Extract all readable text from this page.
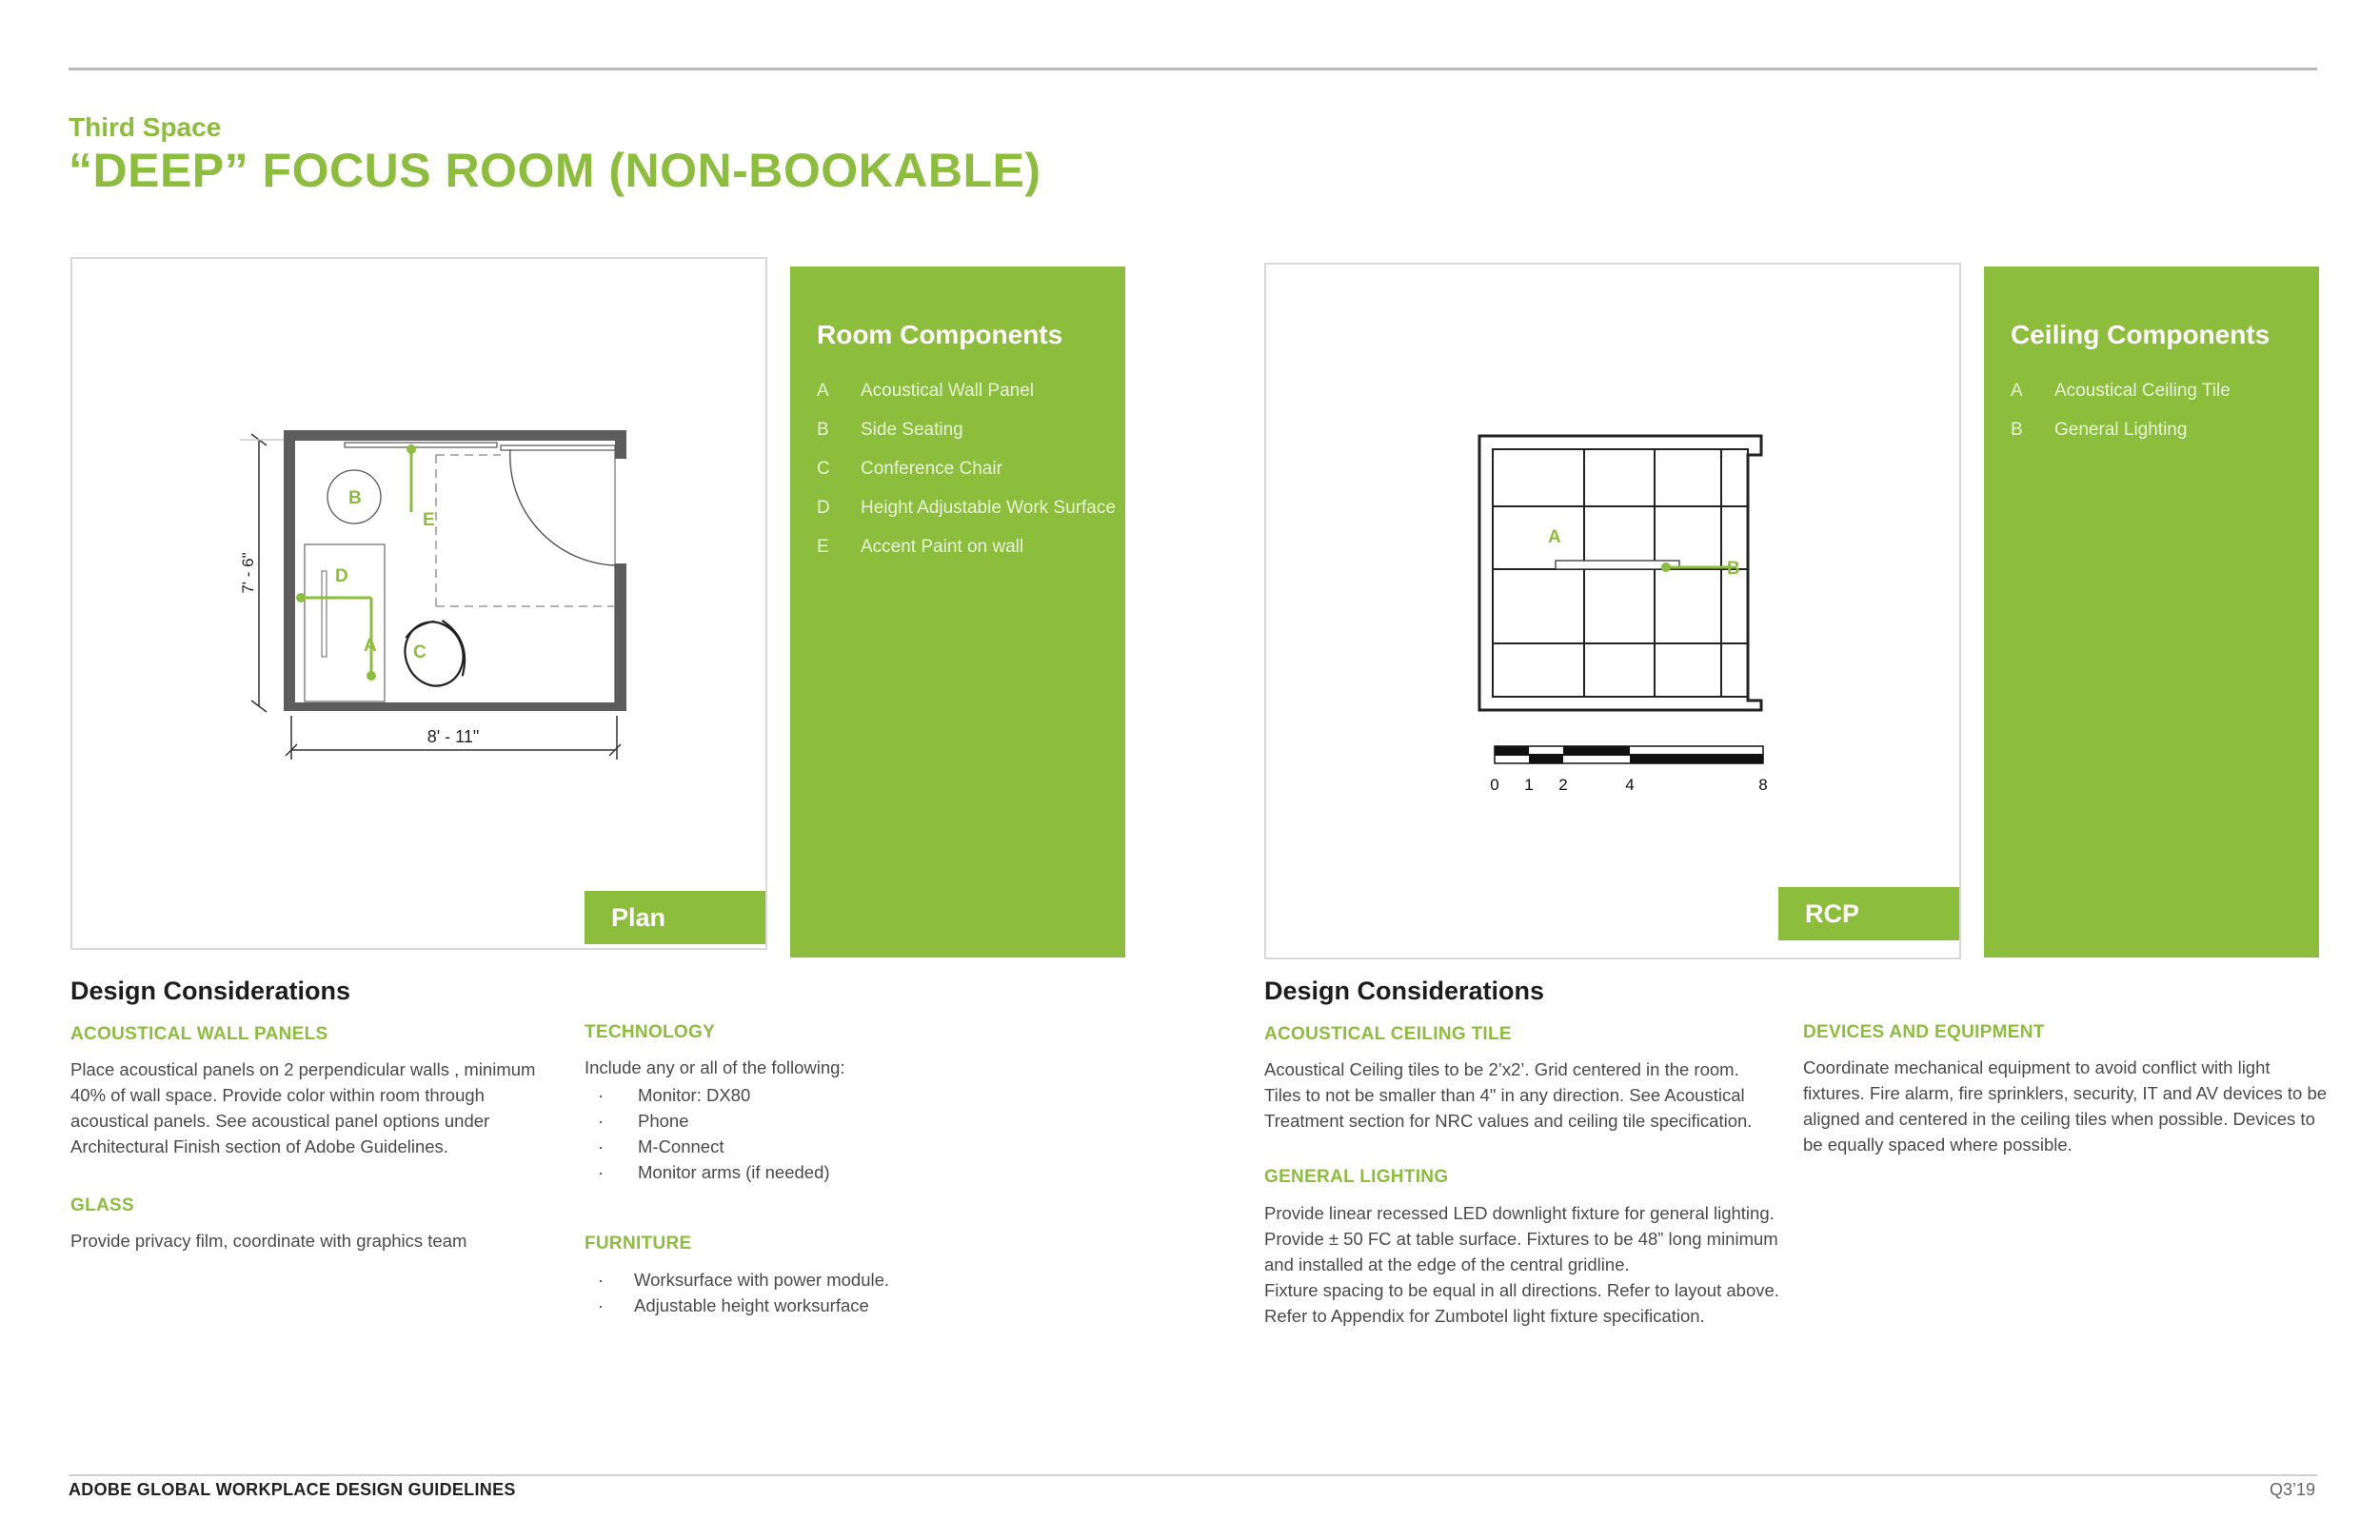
Third Space
“DEEP” FOCUS ROOM (NON-BOOKABLE)
7' - 6"
8' - 11"
B
E
D
A C
Plan
Room Components
A	Acoustical Wall Panel
B	Side Seating
C	Conference Chair
D	Height Adjustable Work Surface
E	Accent Paint on wall	A
B
0 1 2	4	8
RCP
Ceiling Components
A	Acoustical Ceiling Tile
B	General Lighting
Design Considerations
ACOUSTICAL WALL PANELS
Place acoustical panels on 2 perpendicular walls , minimum
40% of wall space. Provide color within room through
acoustical panels. See acoustical panel options under
Architectural Finish section of Adobe Guidelines.
GLASS
Provide privacy film, coordinate with graphics team
TECHNOLOGY
Include any or all of the following:
·	Monitor: DX80
·	Phone
·	M-Connect
·	Monitor arms (if needed)
FURNITURE
·	Worksurface with power module.
·	Adjustable height worksurface
Design Considerations
ACOUSTICAL CEILING TILE
Acoustical Ceiling tiles to be 2’x2’. Grid centered in the room.
Tiles to not be smaller than 4" in any direction. See Acoustical
Treatment section for NRC values and ceiling tile specification.
GENERAL LIGHTING
Provide linear recessed LED downlight fixture for general lighting.
Provide ± 50 FC at table surface. Fixtures to be 48” long minimum
and installed at the edge of the central gridline.
Fixture spacing to be equal in all directions. Refer to layout above.
Refer to Appendix for Zumbotel light fixture specification.
DEVICES AND EQUIPMENT
Coordinate mechanical equipment to avoid conflict with light
fixtures. Fire alarm, fire sprinklers, security, IT and AV devices to be
aligned and centered in the ceiling tiles when possible. Devices to
be equally spaced where possible.
ADOBE GLOBAL WORKPLACE DESIGN GUIDELINES	Q3’19
